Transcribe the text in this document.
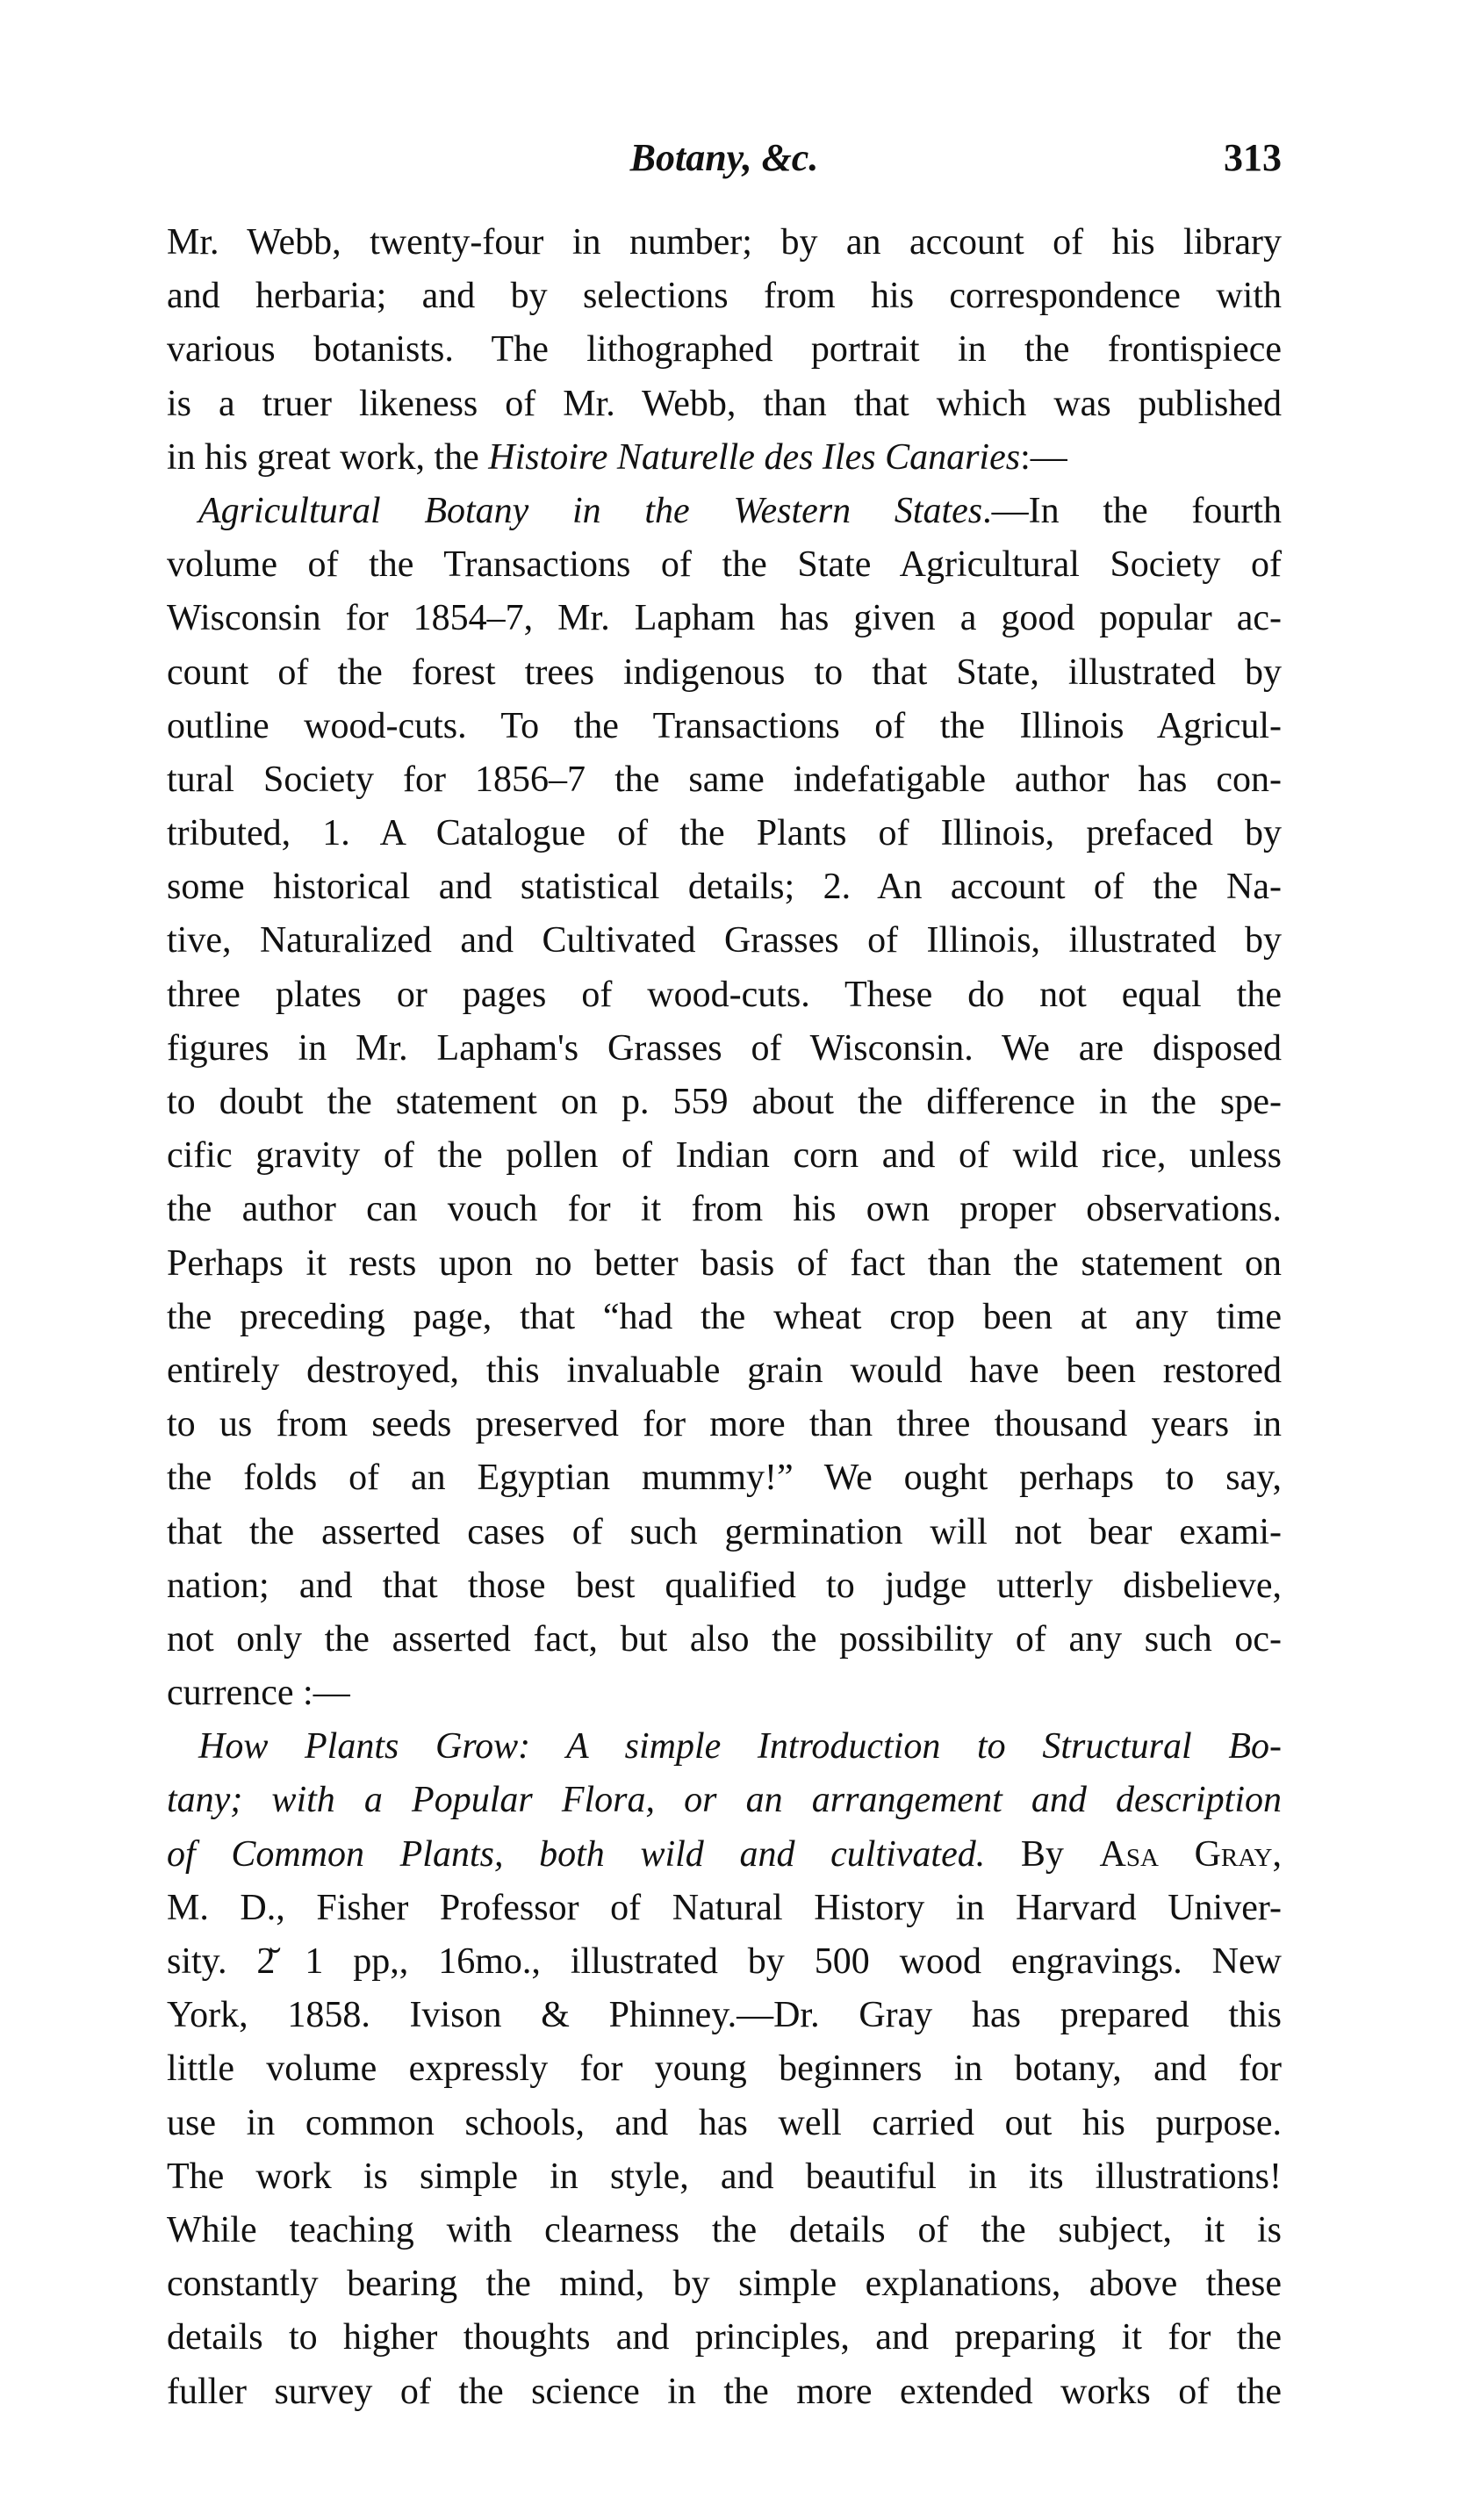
Botany, &c.	313
Mr. Webb, twenty-four in number; by an account of his library
and herbaria; and by selections from his correspondence with
various botanists. The lithographed portrait in the frontispiece
is a truer likeness of Mr. Webb, than that which was published
in his great work, the Histoire Naturelle des Iles Canaries:—
Agricultural Botany in the Western States.—In the fourth
volume of the Transactions of the State Agricultural Society of
Wisconsin for 1854–7, Mr. Lapham has given a good popular ac-
count of the forest trees indigenous to that State, illustrated by
outline wood-cuts. To the Transactions of the Illinois Agricul-
tural Society for 1856–7 the same indefatigable author has con-
tributed, 1. A Catalogue of the Plants of Illinois, prefaced by
some historical and statistical details; 2. An account of the Na-
tive, Naturalized and Cultivated Grasses of Illinois, illustrated by
three plates or pages of wood-cuts. These do not equal the
figures in Mr. Lapham's Grasses of Wisconsin. We are disposed
to doubt the statement on p. 559 about the difference in the spe-
cific gravity of the pollen of Indian corn and of wild rice, unless
the author can vouch for it from his own proper observations.
Perhaps it rests upon no better basis of fact than the statement on
the preceding page, that “had the wheat crop been at any time
entirely destroyed, this invaluable grain would have been restored
to us from seeds preserved for more than three thousand years in
the folds of an Egyptian mummy!” We ought perhaps to say,
that the asserted cases of such germination will not bear exami-
nation; and that those best qualified to judge utterly disbelieve,
not only the asserted fact, but also the possibility of any such oc-
currence :—
How Plants Grow: A simple Introduction to Structural Bo-
tany; with a Popular Flora, or an arrangement and description
of Common Plants, both wild and cultivated. By Asa Gray,
M. D., Fisher Professor of Natural History in Harvard Univer-
sity. 2̆ 1 pp,, 16mo., illustrated by 500 wood engravings. New
York, 1858. Ivison & Phinney.—Dr. Gray has prepared this
little volume expressly for young beginners in botany, and for
use in common schools, and has well carried out his purpose.
The work is simple in style, and beautiful in its illustrations!
While teaching with clearness the details of the subject, it is
constantly bearing the mind, by simple explanations, above these
details to higher thoughts and principles, and preparing it for the
fuller survey of the science in the more extended works of the
